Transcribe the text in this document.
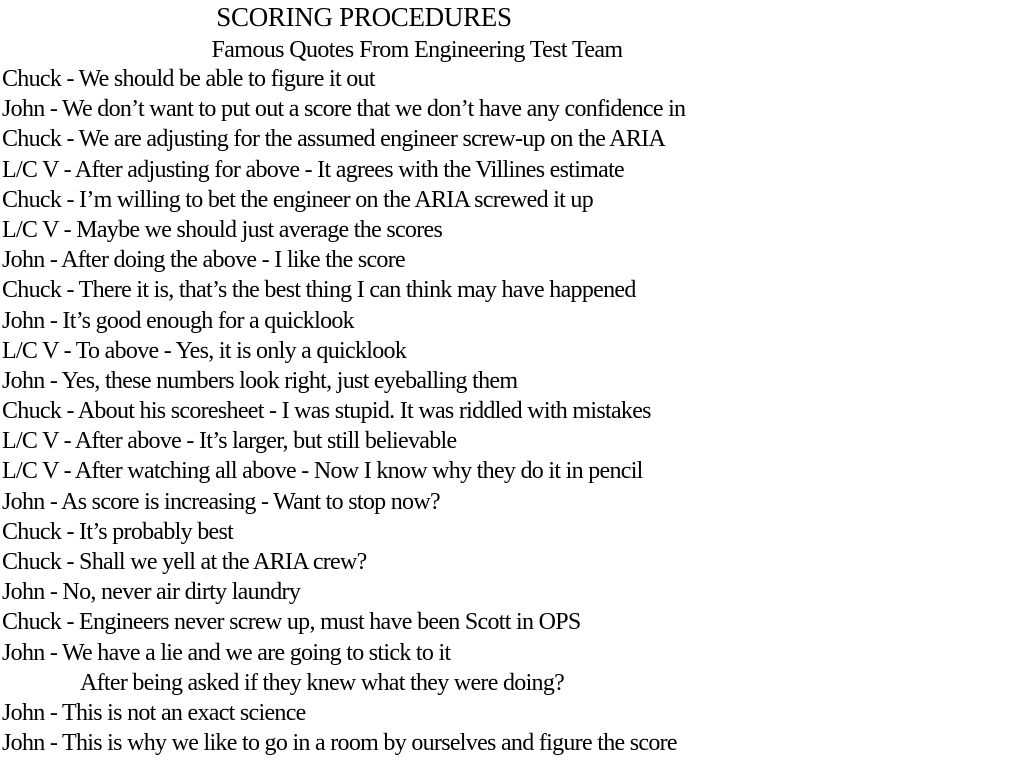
SCORING PROCEDURES
Famous Quotes From Engineering Test Team
Chuck - We should be able to figure it out
John - We don’t want to put out a score that we don’t have any confidence in
Chuck - We are adjusting for the assumed engineer screw-up on the ARIA
L/C V - After adjusting for above - It agrees with the Villines estimate
Chuck - I’m willing to bet the engineer on the ARIA screwed it up
L/C V - Maybe we should just average the scores
John - After doing the above - I like the score
Chuck - There it is, that’s the best thing I can think may have happened
John - It’s good enough for a quicklook
L/C V - To above - Yes, it is only a quicklook
John - Yes, these numbers look right, just eyeballing them
Chuck - About his scoresheet - I was stupid. It was riddled with mistakes
L/C V - After above - It’s larger, but still believable
L/C V - After watching all above - Now I know why they do it in pencil
John - As score is increasing - Want to stop now?
Chuck - It’s probably best
Chuck - Shall we yell at the ARIA crew?
John - No, never air dirty laundry
Chuck - Engineers never screw up, must have been Scott in OPS
John - We have a lie and we are going to stick to it
After being asked if they knew what they were doing?
John - This is not an exact science
John - This is why we like to go in a room by ourselves and figure the score
